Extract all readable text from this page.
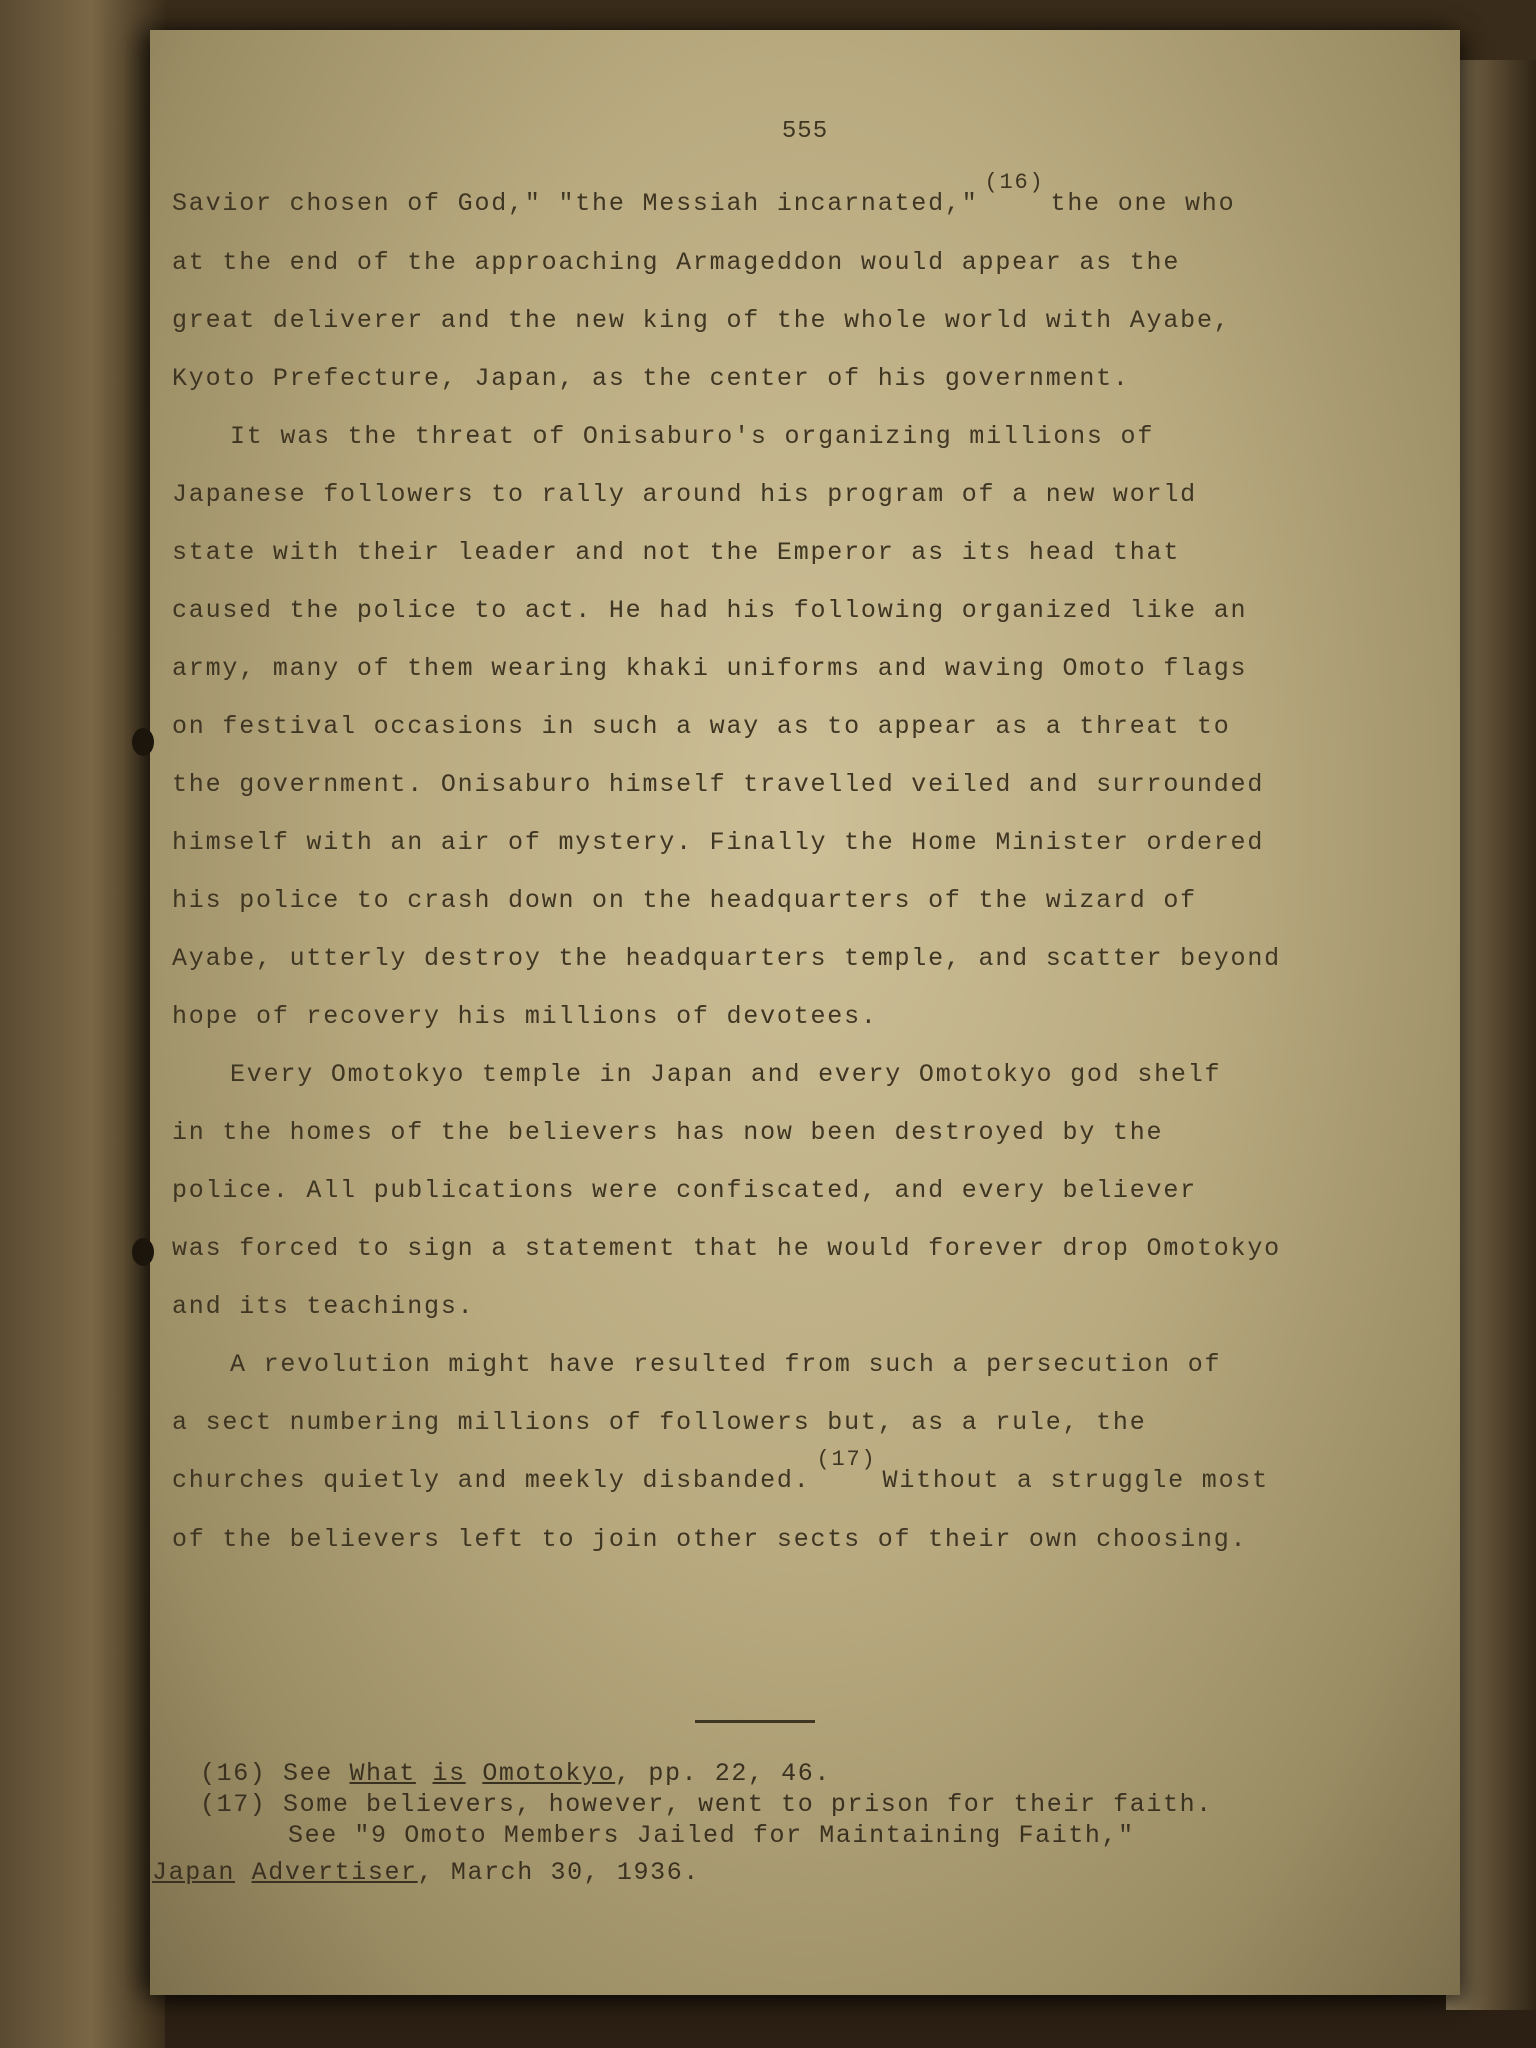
555
Savior chosen of God," "the Messiah incarnated,"(16)the one who
at the end of the approaching Armageddon would appear as the
great deliverer and the new king of the whole world with Ayabe,
Kyoto Prefecture, Japan, as the center of his government.
It was the threat of Onisaburo's organizing millions of
Japanese followers to rally around his program of a new world
state with their leader and not the Emperor as its head that
caused the police to act. He had his following organized like an
army, many of them wearing khaki uniforms and waving Omoto flags
on festival occasions in such a way as to appear as a threat to
the government. Onisaburo himself travelled veiled and surrounded
himself with an air of mystery. Finally the Home Minister ordered
his police to crash down on the headquarters of the wizard of
Ayabe, utterly destroy the headquarters temple, and scatter beyond
hope of recovery his millions of devotees.
Every Omotokyo temple in Japan and every Omotokyo god shelf
in the homes of the believers has now been destroyed by the
police. All publications were confiscated, and every believer
was forced to sign a statement that he would forever drop Omotokyo
and its teachings.
A revolution might have resulted from such a persecution of
a sect numbering millions of followers but, as a rule, the
churches quietly and meekly disbanded.(17)Without a struggle most
of the believers left to join other sects of their own choosing.
(16) See What is Omotokyo, pp. 22, 46.
(17) Some believers, however, went to prison for their faith.
See "9 Omoto Members Jailed for Maintaining Faith,"
Japan Advertiser, March 30, 1936.
